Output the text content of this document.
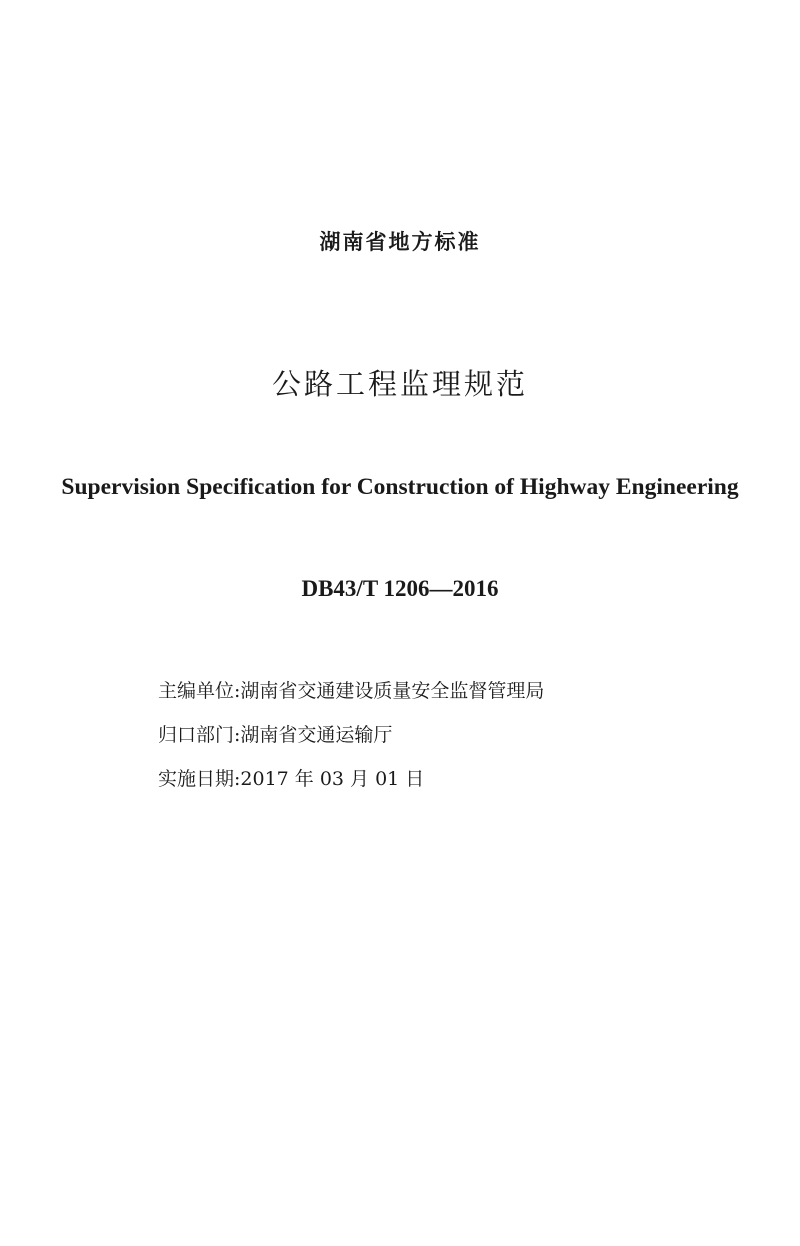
湖南省地方标准
公路工程监理规范
Supervision Specification for Construction of Highway Engineering
DB43/T 1206—2016
主编单位:湖南省交通建设质量安全监督管理局
归口部门:湖南省交通运输厅
实施日期:2017 年 03 月 01 日
